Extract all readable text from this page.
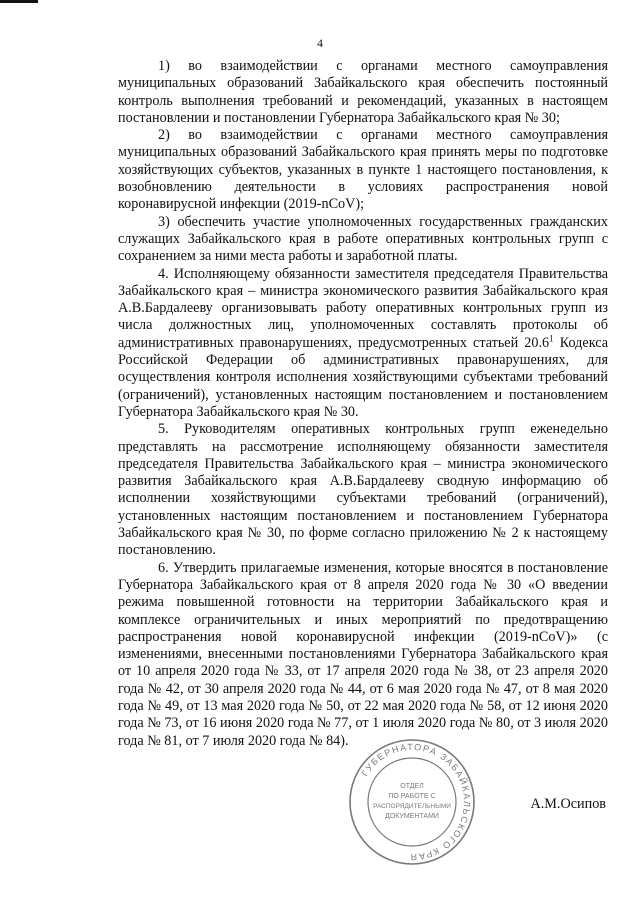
4

1) во взаимодействии с органами местного самоуправления муниципальных образований Забайкальского края обеспечить постоянный контроль выполнения требований и рекомендаций, указанных в настоящем постановлении и постановлении Губернатора Забайкальского края № 30;

2) во взаимодействии с органами местного самоуправления муниципальных образований Забайкальского края принять меры по подготовке хозяйствующих субъектов, указанных в пункте 1 настоящего постановления, к возобновлению деятельности в условиях распространения новой коронавирусной инфекции (2019-nCoV);

3) обеспечить участие уполномоченных государственных гражданских служащих Забайкальского края в работе оперативных контрольных групп с сохранением за ними места работы и заработной платы.

4. Исполняющему обязанности заместителя председателя Правительства Забайкальского края – министра экономического развития Забайкальского края А.В.Бардалееву организовывать работу оперативных контрольных групп из числа должностных лиц, уполномоченных составлять протоколы об административных правонарушениях, предусмотренных статьей 20.6$^1$ Кодекса Российской Федерации об административных правонарушениях, для осуществления контроля исполнения хозяйствующими субъектами требований (ограничений), установленных настоящим постановлением и постановлением Губернатора Забайкальского края № 30.

5. Руководителям оперативных контрольных групп еженедельно представлять на рассмотрение исполняющему обязанности заместителя председателя Правительства Забайкальского края – министра экономического развития Забайкальского края А.В.Бардалееву сводную информацию об исполнении хозяйствующими субъектами требований (ограничений), установленных настоящим постановлением и постановлением Губернатора Забайкальского края № 30, по форме согласно приложению № 2 к настоящему постановлению.

6. Утвердить прилагаемые изменения, которые вносятся в постановление Губернатора Забайкальского края от 8 апреля 2020 года № 30 «О введении режима повышенной готовности на территории Забайкальского края и комплексе ограничительных и иных мероприятий по предотвращению распространения новой коронавирусной инфекции (2019-nCoV)» (с изменениями, внесенными постановлениями Губернатора Забайкальского края от 10 апреля 2020 года № 33, от 17 апреля 2020 года № 38, от 23 апреля 2020 года № 42, от 30 апреля 2020 года № 44, от 6 мая 2020 года № 47, от 8 мая 2020 года № 49, от 13 мая 2020 года № 50, от 22 мая 2020 года № 58, от 12 июня 2020 года № 73, от 16 июня 2020 года № 77, от 1 июля 2020 года № 80, от 3 июля 2020 года № 81, от 7 июля 2020 года № 84).

ГУБЕРНАТОРА ЗАБАЙКАЛЬСКОГО КРАЯ
ОТДЕЛ
ПО РАБОТЕ С
РАСПОРЯДИТЕЛЬНЫМИ
ДОКУМЕНТАМИ
А.М.Осипов
